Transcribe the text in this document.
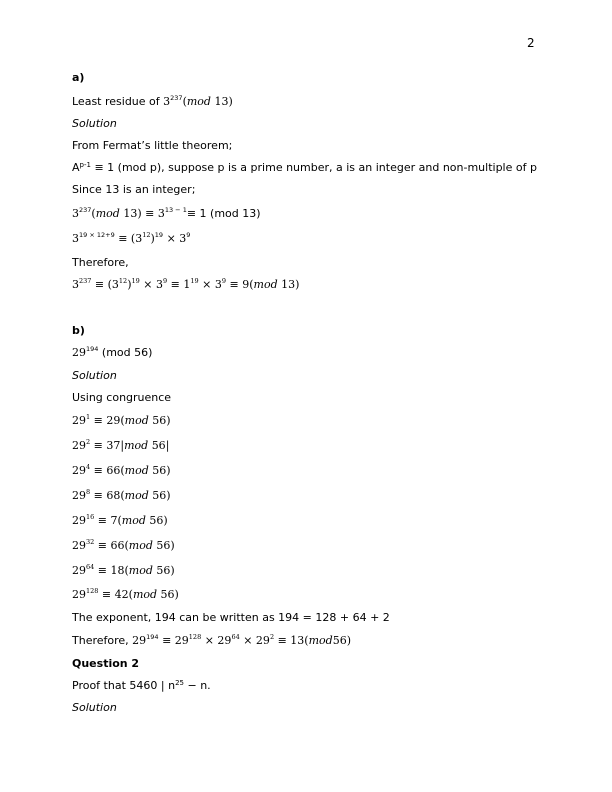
2
a)
Least residue of $3^{237}(mod$ 13)
Solution
From Fermat’s little theorem;
$A^{p-1} \equiv 1$ (mod p), suppose p is a prime number, a is an integer and non-multiple of p
Since 13 is an integer;
$3^{237}(mod$ $13) \equiv 3^{13 - 1}\equiv 1$ (mod 13)
$3^{19 \times 12+9} \equiv (3^{12})^{19} \times 3^9$
Therefore,
$3^{237} \equiv (3^{12})^{19} \times 3^9 \equiv 1^{19} \times 3^9 \equiv 9(mod$ 13)
b)
$29^{194}$ (mod 56)
Solution
Using congruence
$29^1 \equiv 29(mod$ 56)
$29^2 \equiv 37|mod$ 56|
$29^4 \equiv 66(mod$ 56)
$29^8 \equiv 68(mod$ 56)
$29^{16} \equiv 7(mod$ 56)
$29^{32} \equiv 66(mod$ 56)
$29^{64} \equiv 18(mod$ 56)
$29^{128} \equiv 42(mod$ 56)
The exponent, 194 can be written as 194 = 128 + 64 + 2
Therefore, $29^{194} \equiv 29^{128} \times 29^{64} \times 29^2 \equiv 13(mod56)$
Question 2
Proof that 5460 | $n^{25} - n$.
Solution
